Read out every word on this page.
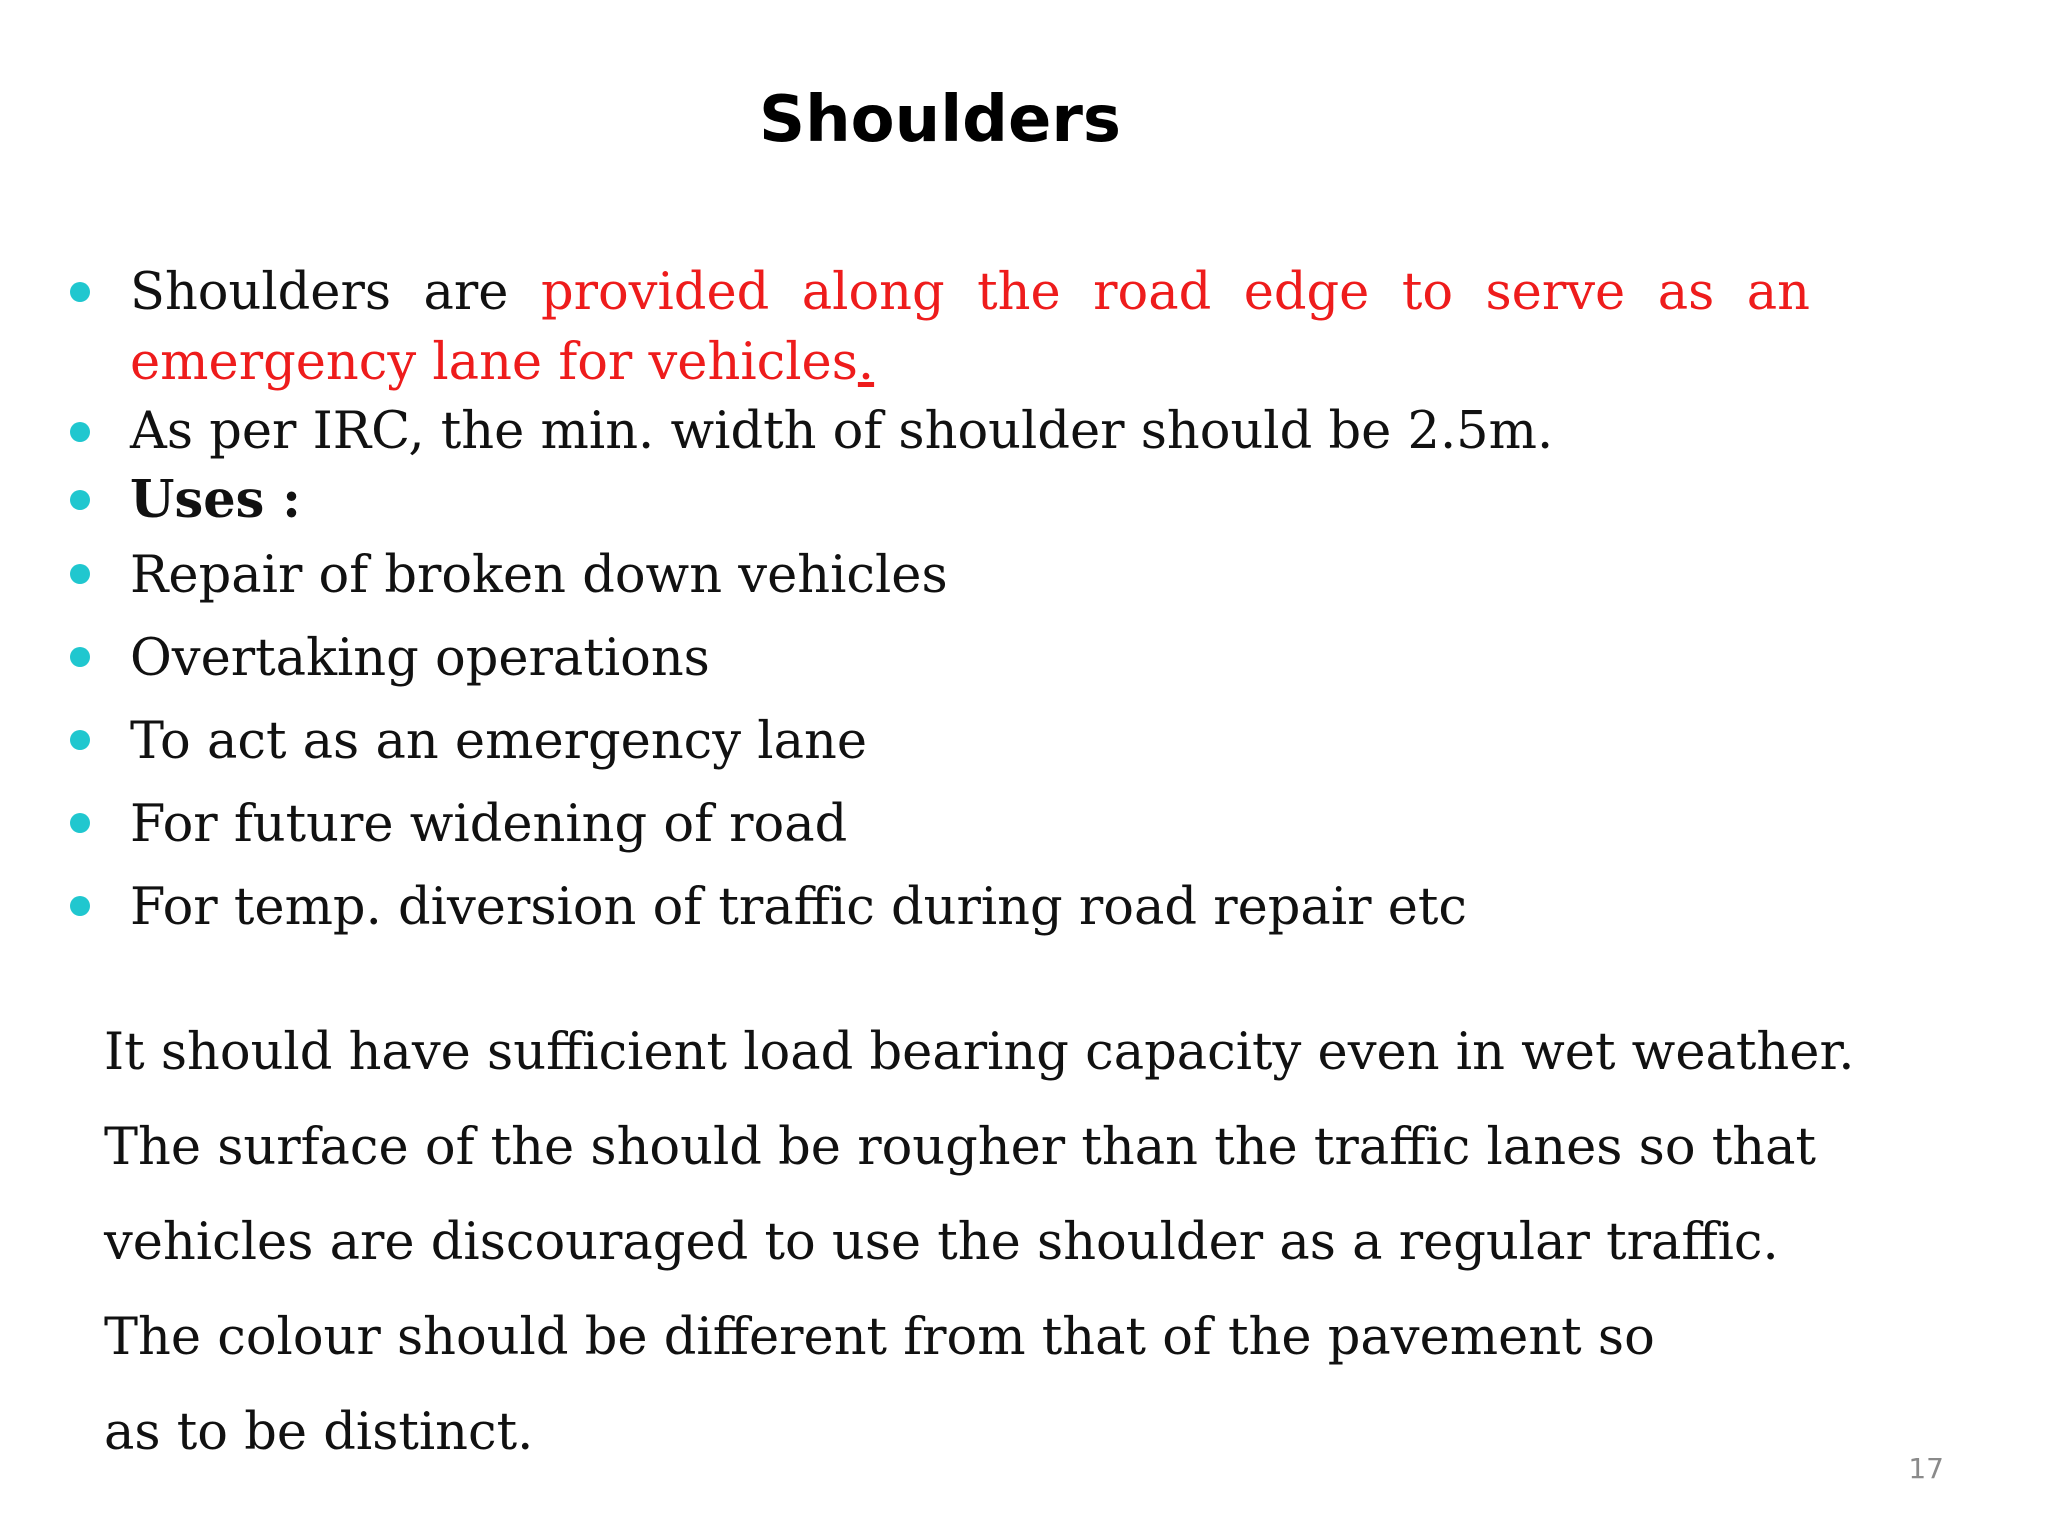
Shoulders
Shoulders are provided along the road edge to serve as an emergency lane for vehicles.
As per IRC, the min. width of shoulder should be 2.5m.
Uses :
Repair of broken down vehicles
Overtaking operations
To act as an emergency lane
For future widening of road
For temp. diversion of traffic during road repair etc
It should have sufficient load bearing capacity even in wet weather.
The surface of the should be rougher than the traffic lanes so that
vehicles are discouraged to use the shoulder as a regular traffic.
The colour should be different from that of the pavement so
as to be distinct.
17
